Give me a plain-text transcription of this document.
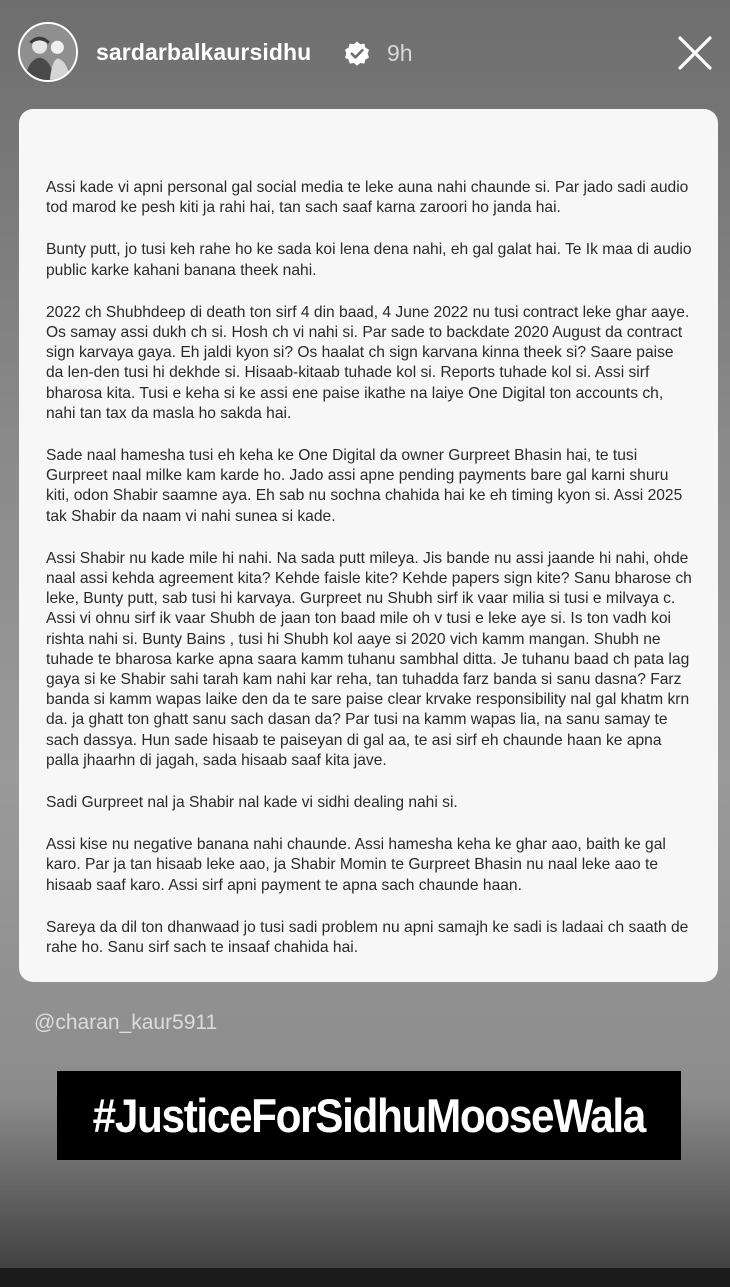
sardarbalkaursidhu	9h

Assi kade vi apni personal gal social media te leke auna nahi chaunde si. Par jado sadi audio tod marod ke pesh kiti ja rahi hai, tan sach saaf karna zaroori ho janda hai.

Bunty putt, jo tusi keh rahe ho ke sada koi lena dena nahi, eh gal galat hai. Te Ik maa di audio public karke kahani banana theek nahi.

2022 ch Shubhdeep di death ton sirf 4 din baad, 4 June 2022 nu tusi contract leke ghar aaye. Os samay assi dukh ch si. Hosh ch vi nahi si. Par sade to backdate 2020 August da contract sign karvaya gaya. Eh jaldi kyon si? Os haalat ch sign karvana kinna theek si? Saare paise da len-den tusi hi dekhde si. Hisaab-kitaab tuhade kol si. Reports tuhade kol si. Assi sirf bharosa kita. Tusi e keha si ke assi ene paise ikathe na laiye One Digital ton accounts ch, nahi tan tax da masla ho sakda hai.

Sade naal hamesha tusi eh keha ke One Digital da owner Gurpreet Bhasin hai, te tusi Gurpreet naal milke kam karde ho. Jado assi apne pending payments bare gal karni shuru kiti, odon Shabir saamne aya. Eh sab nu sochna chahida hai ke eh timing kyon si. Assi 2025 tak Shabir da naam vi nahi sunea si kade.

Assi Shabir nu kade mile hi nahi. Na sada putt mileya. Jis bande nu assi jaande hi nahi, ohde naal assi kehda agreement kita? Kehde faisle kite? Kehde papers sign kite? Sanu bharose ch leke, Bunty putt, sab tusi hi karvaya. Gurpreet nu Shubh sirf ik vaar milia si tusi e milvaya c. Assi vi ohnu sirf ik vaar Shubh de jaan ton baad mile oh v tusi e leke aye si. Is ton vadh koi rishta nahi si. Bunty Bains , tusi hi Shubh kol aaye si 2020 vich kamm mangan. Shubh ne tuhade te bharosa karke apna saara kamm tuhanu sambhal ditta. Je tuhanu baad ch pata lag gaya si ke Shabir sahi tarah kam nahi kar reha, tan tuhadda farz banda si sanu dasna? Farz banda si kamm wapas laike den da te sare paise clear krvake responsibility nal gal khatm krn da. ja ghatt ton ghatt sanu sach dasan da? Par tusi na kamm wapas lia, na sanu samay te sach dassya. Hun sade hisaab te paiseyan di gal aa, te asi sirf eh chaunde haan ke apna palla jhaarhn di jagah, sada hisaab saaf kita jave.

Sadi Gurpreet nal ja Shabir nal kade vi sidhi dealing nahi si.

Assi kise nu negative banana nahi chaunde. Assi hamesha keha ke ghar aao, baith ke gal karo. Par ja tan hisaab leke aao, ja Shabir Momin te Gurpreet Bhasin nu naal leke aao te hisaab saaf karo. Assi sirf apni payment te apna sach chaunde haan.

Sareya da dil ton dhanwaad jo tusi sadi problem nu apni samajh ke sadi is ladaai ch saath de rahe ho. Sanu sirf sach te insaaf chahida hai.

@charan_kaur5911
#JusticeForSidhuMooseWala
